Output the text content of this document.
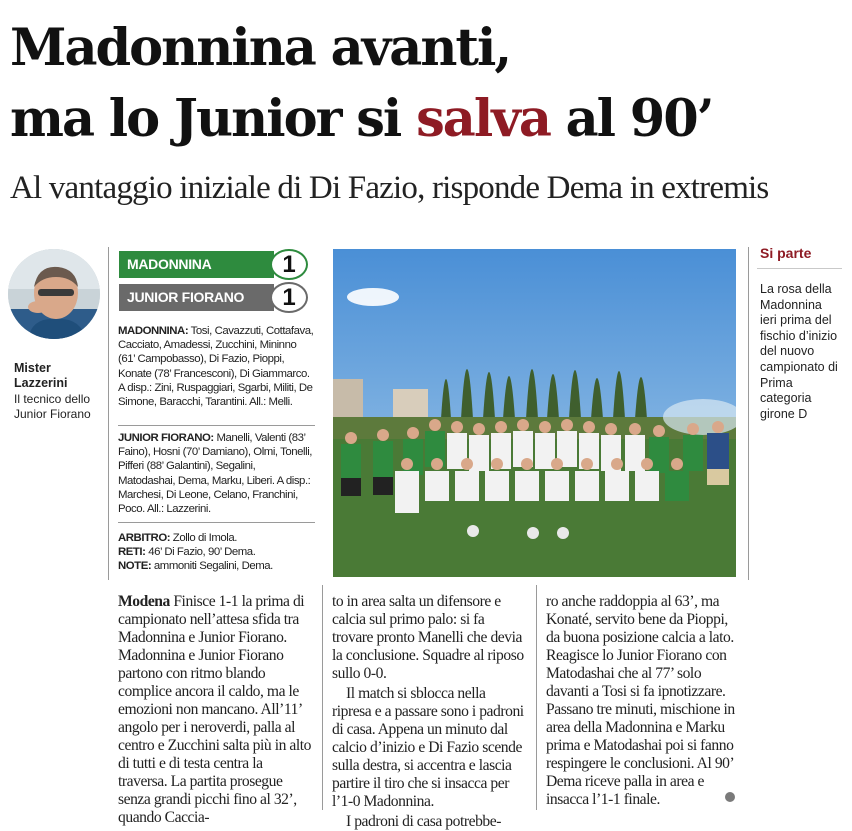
Madonnina avanti,
ma lo Junior si salva al 90’
Al vantaggio iniziale di Di Fazio, risponde Dema in extremis
Mister
Lazzerini
Il tecnico dello Junior Fiorano
MADONNINA	1
JUNIOR FIORANO	1
MADONNINA: Tosi, Cavazzuti, Cottafava, Cacciato, Amadessi, Zucchini, Mininno (61’ Campobasso), Di Fazio, Pioppi, Konate (78’ Francesconi), Di Giammarco. A disp.: Zini, Ruspaggiari, Sgarbi, Militi, De Simone, Baracchi, Tarantini. All.: Melli.
JUNIOR FIORANO: Manelli, Valenti (83’ Faino), Hosni (70’ Damiano), Olmi, Tonelli, Pifferi (88’ Galantini), Segalini, Matodashai, Dema, Marku, Liberi. A disp.: Marchesi, Di Leone, Celano, Franchini, Poco. All.: Lazzerini.
ARBITRO: Zollo di Imola.
RETI: 46’ Di Fazio, 90’ Dema.
NOTE: ammoniti Segalini, Dema.
Si parte
La rosa della Madonnina ieri prima del fischio d’inizio del nuovo campionato di Prima categoria girone D

Modena Finisce 1-1 la prima di campionato nell’attesa sfida tra Madonnina e Junior Fiorano. Madonnina e Junior Fiorano partono con ritmo blando complice ancora il caldo, ma le emozioni non mancano. All’11’ angolo per i neroverdi, palla al centro e Zucchini salta più in alto di tutti e di testa centra la traversa. La partita prosegue senza grandi picchi fino al 32’, quando Caccia-

to in area salta un difensore e calcia sul primo palo: si fa trovare pronto Manelli che devia la conclusione. Squadre al riposo sullo 0-0.

Il match si sblocca nella ripresa e a passare sono i padroni di casa. Appena un minuto dal calcio d’inizio e Di Fazio scende sulla destra, si accentra e lascia partire il tiro che si insacca per l’1-0 Madonnina.

I padroni di casa potrebbe-

ro anche raddoppia al 63’, ma Konaté, servito bene da Pioppi, da buona posizione calcia a lato. Reagisce lo Junior Fiorano con Matodashai che al 77’ solo davanti a Tosi si fa ipnotizzare. Passano tre minuti, mischione in area della Madonnina e Marku prima e Matodashai poi si fanno respingere le conclusioni. Al 90’ Dema riceve palla in area e insacca l’1-1 finale.
